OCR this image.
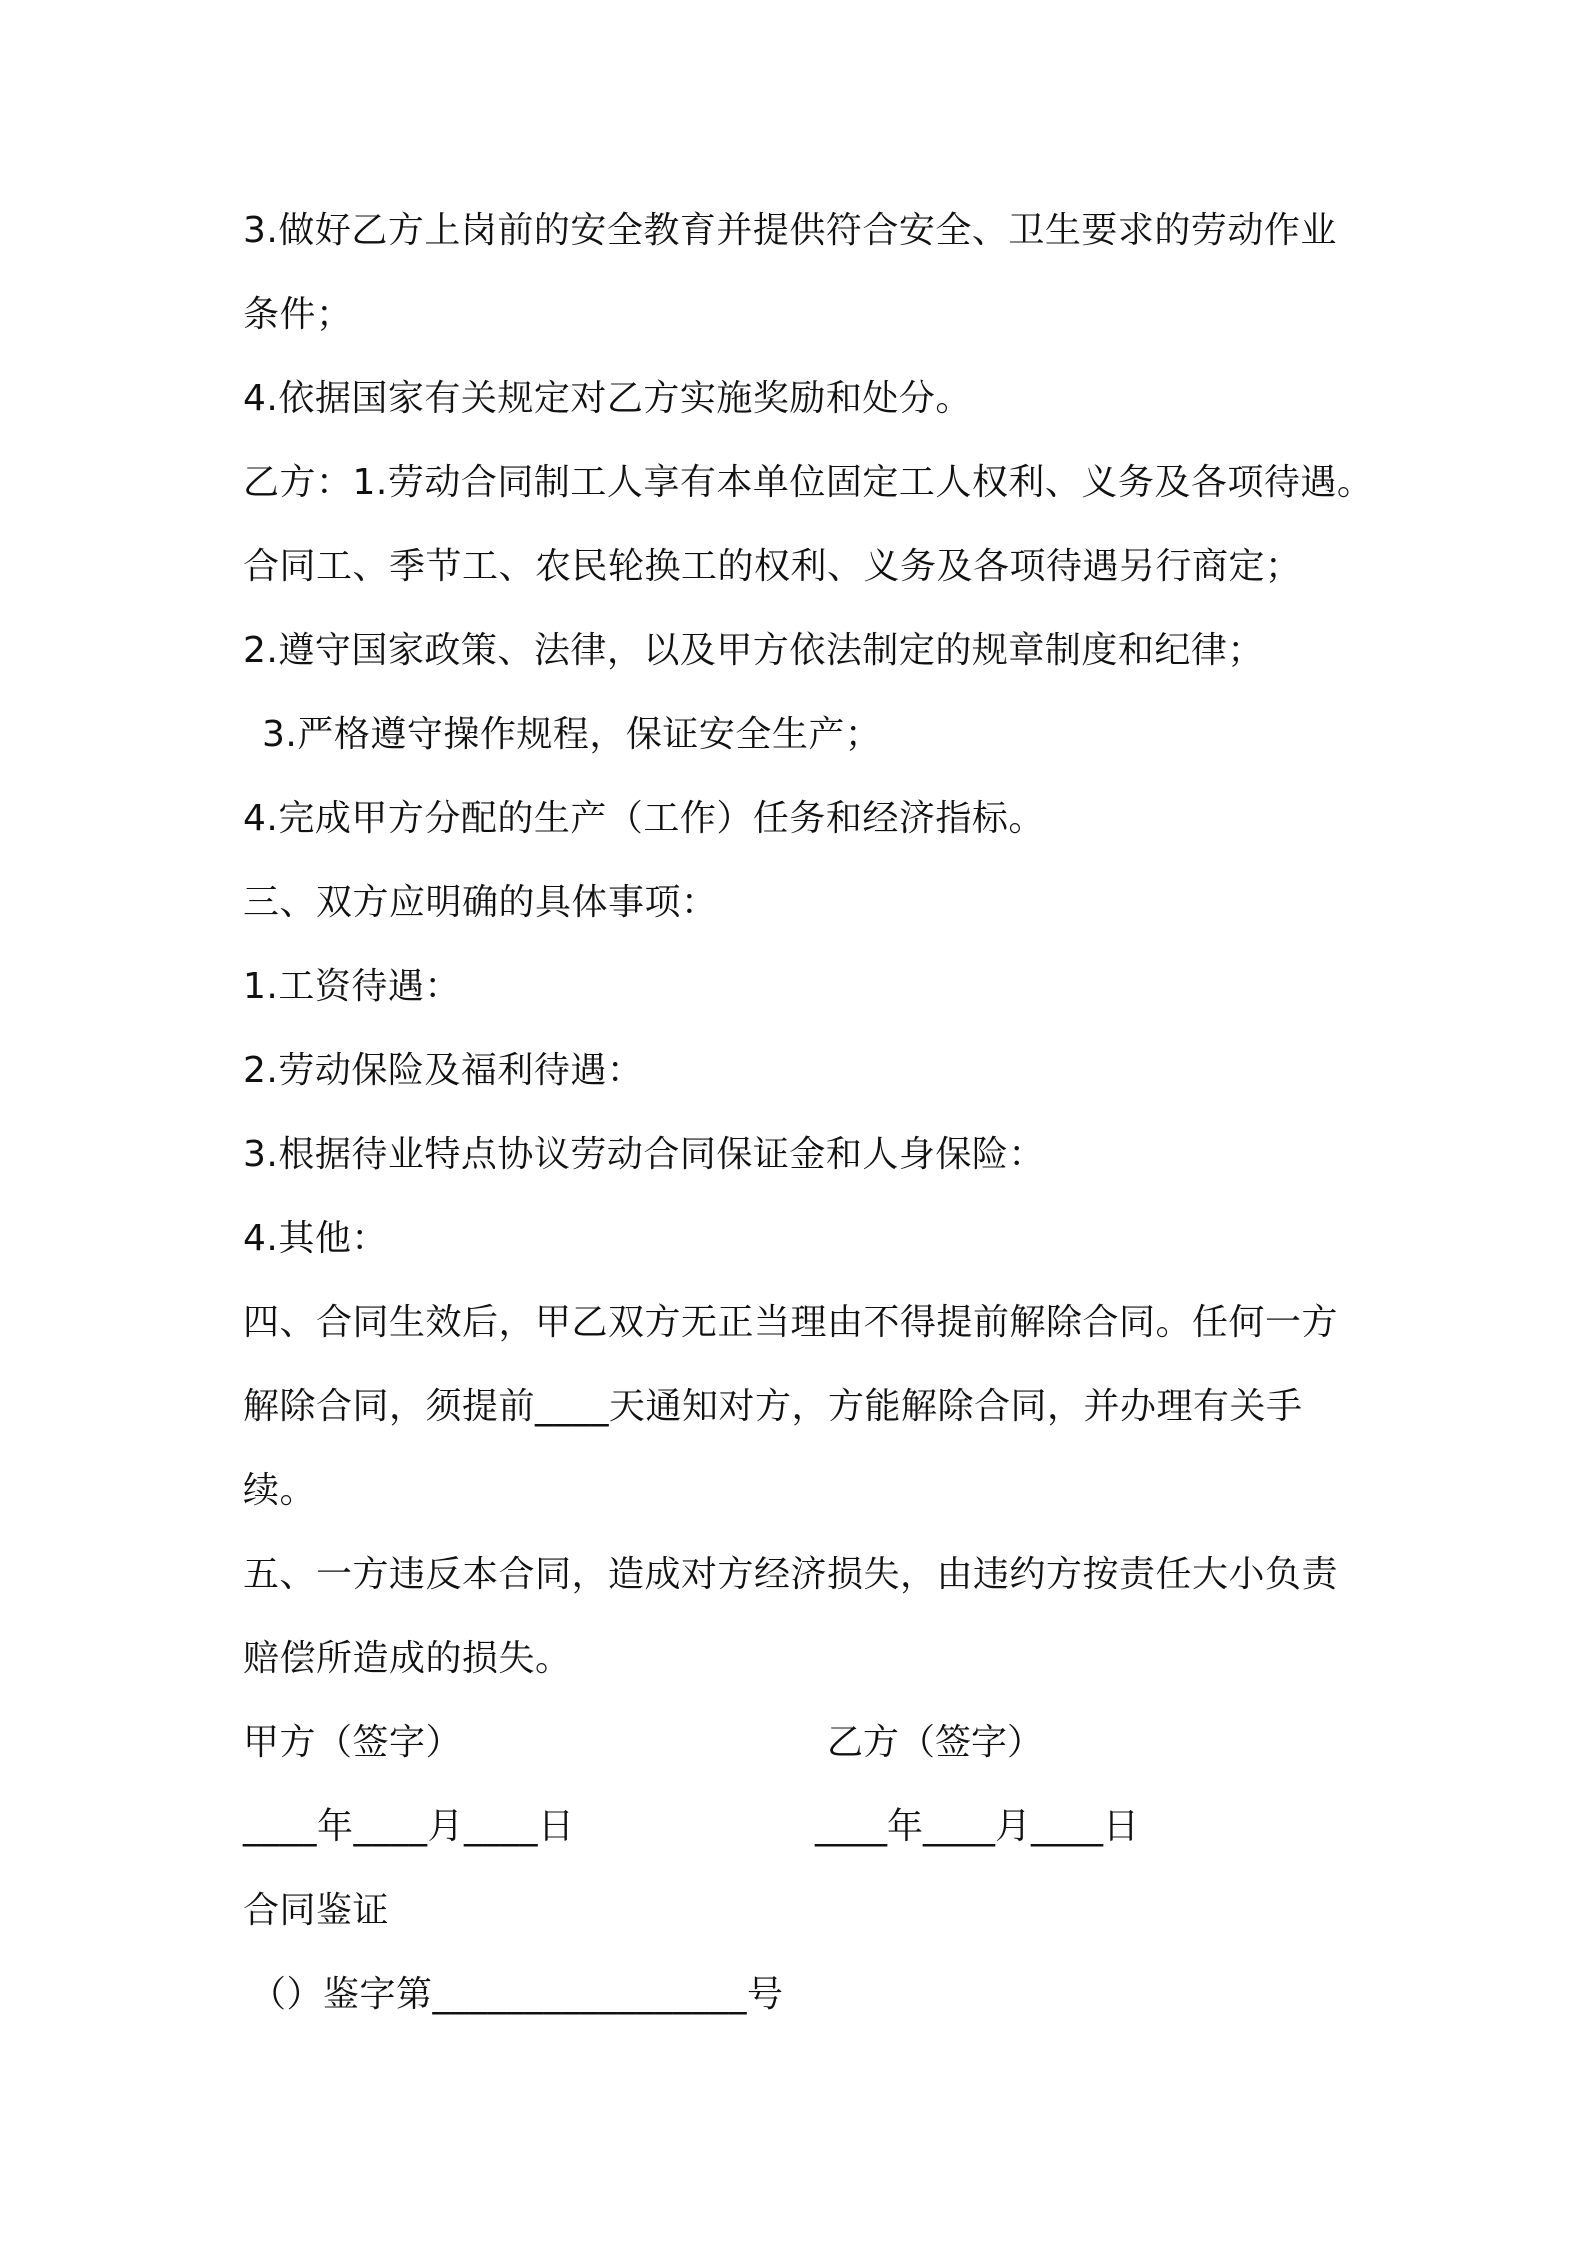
3.做好乙方上岗前的安全教育并提供符合安全、卫生要求的劳动作业
条件；
4.依据国家有关规定对乙方实施奖励和处分。
乙方：1.劳动合同制工人享有本单位固定工人权利、义务及各项待遇。
合同工、季节工、农民轮换工的权利、义务及各项待遇另行商定；
2.遵守国家政策、法律，以及甲方依法制定的规章制度和纪律；
3.严格遵守操作规程，保证安全生产；
4.完成甲方分配的生产（工作）任务和经济指标。
三、双方应明确的具体事项：
1.工资待遇：
2.劳动保险及福利待遇：
3.根据待业特点协议劳动合同保证金和人身保险：
4.其他：
四、合同生效后，甲乙双方无正当理由不得提前解除合同。任何一方
解除合同，须提前____天通知对方，方能解除合同，并办理有关手
续。
五、一方违反本合同，造成对方经济损失，由违约方按责任大小负责
赔偿所造成的损失。
甲方（签字）	乙方（签字）
____年____月____日	____年____月____日
合同鉴证
（）鉴字第_________________号
